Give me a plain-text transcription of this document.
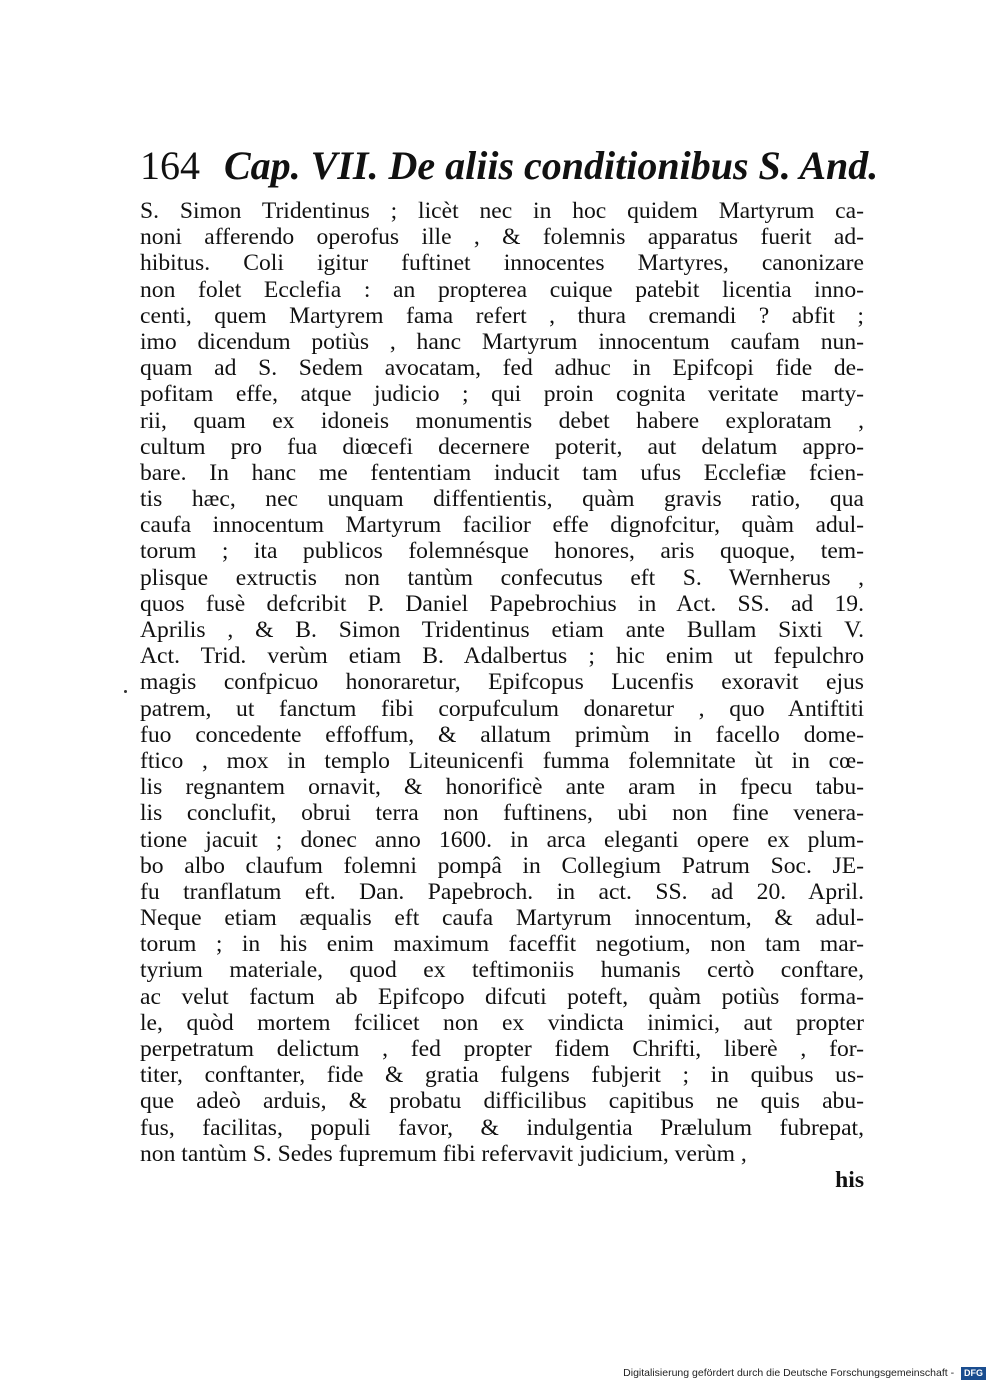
164 Cap. VII. De aliis conditionibus S. And.
S. Simon Tridentinus ; licèt nec in hoc quidem Martyrum ca-
noni afferendo operofus ille , & folemnis apparatus fuerit ad-
hibitus. Coli igitur fuftinet innocentes Martyres, canonizare
non folet Ecclefia : an propterea cuique patebit licentia inno-
centi, quem Martyrem fama refert , thura cremandi ? abfit ;
imo dicendum potiùs , hanc Martyrum innocentum caufam nun-
quam ad S. Sedem avocatam, fed adhuc in Epifcopi fide de-
pofitam effe, atque judicio ; qui proin cognita veritate marty-
rii, quam ex idoneis monumentis debet habere exploratam ,
cultum pro fua diœcefi decernere poterit, aut delatum appro-
bare. In hanc me fententiam inducit tam ufus Ecclefiæ fcien-
tis hæc, nec unquam diffentientis, quàm gravis ratio, qua
caufa innocentum Martyrum facilior effe dignofcitur, quàm adul-
torum ; ita publicos folemnésque honores, aris quoque, tem-
plisque extructis non tantùm confecutus eft S. Wernherus ,
quos fusè defcribit P. Daniel Papebrochius in Act. SS. ad 19.
Aprilis , & B. Simon Tridentinus etiam ante Bullam Sixti V.
Act. Trid. verùm etiam B. Adalbertus ; hic enim ut fepulchro
magis confpicuo honoraretur, Epifcopus Lucenfis exoravit ejus
patrem, ut fanctum fibi corpufculum donaretur , quo Antiftiti
fuo concedente effoffum, & allatum primùm in facello dome-
ftico , mox in templo Liteunicenfi fumma folemnitate ùt in cœ-
lis regnantem ornavit, & honorificè ante aram in fpecu tabu-
lis conclufit, obrui terra non fuftinens, ubi non fine venera-
tione jacuit ; donec anno 1600. in arca eleganti opere ex plum-
bo albo claufum folemni pompâ in Collegium Patrum Soc. JE-
fu tranflatum eft. Dan. Papebroch. in act. SS. ad 20. April.
Neque etiam æqualis eft caufa Martyrum innocentum, & adul-
torum ; in his enim maximum faceffit negotium, non tam mar-
tyrium materiale, quod ex teftimoniis humanis certò conftare,
ac velut factum ab Epifcopo difcuti poteft, quàm potiùs forma-
le, quòd mortem fcilicet non ex vindicta inimici, aut propter
perpetratum delictum , fed propter fidem Chrifti, liberè , for-
titer, conftanter, fide & gratia fulgens fubjerit ; in quibus us-
que adeò arduis, & probatu difficilibus capitibus ne quis abu-
fus, facilitas, populi favor, & indulgentia Prælulum fubrepat,
non tantùm S. Sedes fupremum fibi refervavit judicium, verùm ,
his
Digitalisierung gefördert durch die Deutsche Forschungsgemeinschaft - DFG
